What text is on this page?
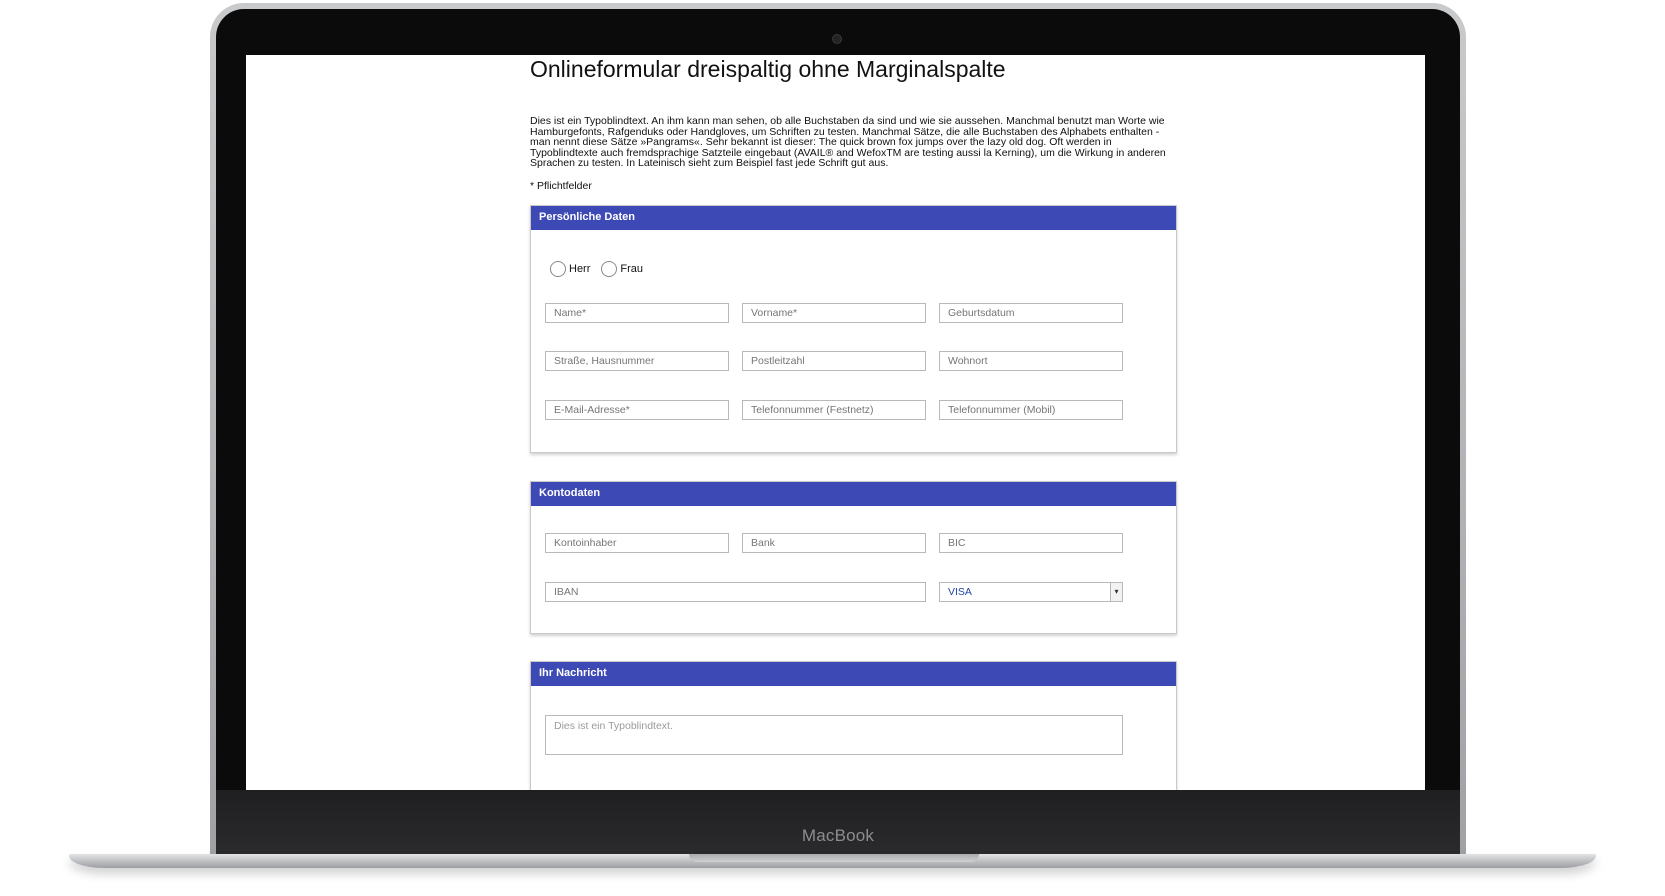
Onlineformular dreispaltig ohne Marginalspalte

Dies ist ein Typoblindtext. An ihm kann man sehen, ob alle Buchstaben da sind und wie sie aussehen. Manchmal benutzt man Worte wie Hamburgefonts, Rafgenduks oder Handgloves, um Schriften zu testen. Manchmal Sätze, die alle Buchstaben des Alphabets enthalten - man nennt diese Sätze »Pangrams«. Sehr bekannt ist dieser: The quick brown fox jumps over the lazy old dog. Oft werden in Typoblindtexte auch fremdsprachige Satzteile eingebaut (AVAIL® and WefoxTM are testing aussi la Kerning), um die Wirkung in anderen Sprachen zu testen. In Lateinisch sieht zum Beispiel fast jede Schrift gut aus.

* Pflichtfelder

Persönliche Daten
Herr	Frau
Name*
Vorname*
Geburtsdatum
Straße, Hausnummer
Postleitzahl
Wohnort
E-Mail-Adresse*
Telefonnummer (Festnetz)
Telefonnummer (Mobil)
Kontodaten
Kontoinhaber
Bank
BIC
IBAN
VISA	▾
Ihr Nachricht
Dies ist ein Typoblindtext.
MacBook
